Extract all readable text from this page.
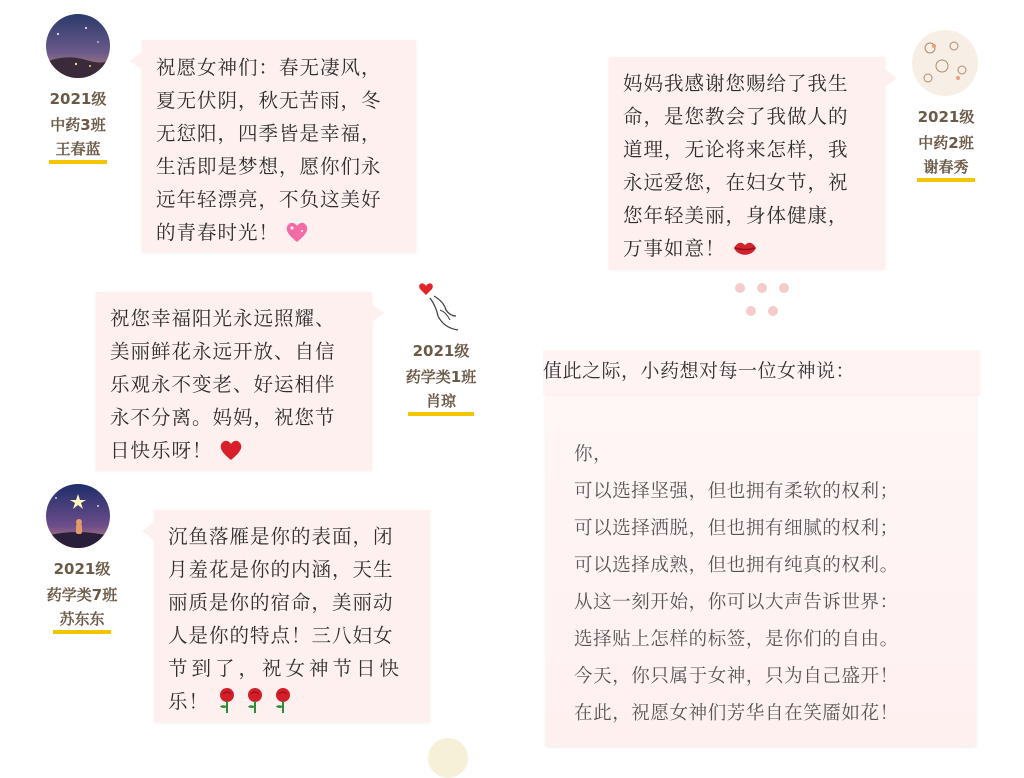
2021级
中药3班
王春蓝
祝愿女神们：春无凄风，
夏无伏阴，秋无苦雨，冬
无愆阳，四季皆是幸福，
生活即是梦想，愿你们永
远年轻漂亮，不负这美好
的青春时光！
妈妈我感谢您赐给了我生
命，是您教会了我做人的
道理，无论将来怎样，我
永远爱您，在妇女节，祝
您年轻美丽，身体健康，
万事如意！
2021级
中药2班
谢春秀
祝您幸福阳光永远照耀、
美丽鲜花永远开放、自信
乐观永不变老、好运相伴
永不分离。妈妈，祝您节
日快乐呀！
2021级
药学类1班
肖琼
2021级
药学类7班
苏东东
沉鱼落雁是你的表面，闭
月羞花是你的内涵，天生
丽质是你的宿命，美丽动
人是你的特点！三八妇女
节到了，祝女神节日快
乐！
值此之际，小药想对每一位女神说：
你，
可以选择坚强，但也拥有柔软的权利；
可以选择洒脱，但也拥有细腻的权利；
可以选择成熟，但也拥有纯真的权利。
从这一刻开始，你可以大声告诉世界：
选择贴上怎样的标签，是你们的自由。
今天，你只属于女神，只为自己盛开！
在此，祝愿女神们芳华自在笑靥如花！
